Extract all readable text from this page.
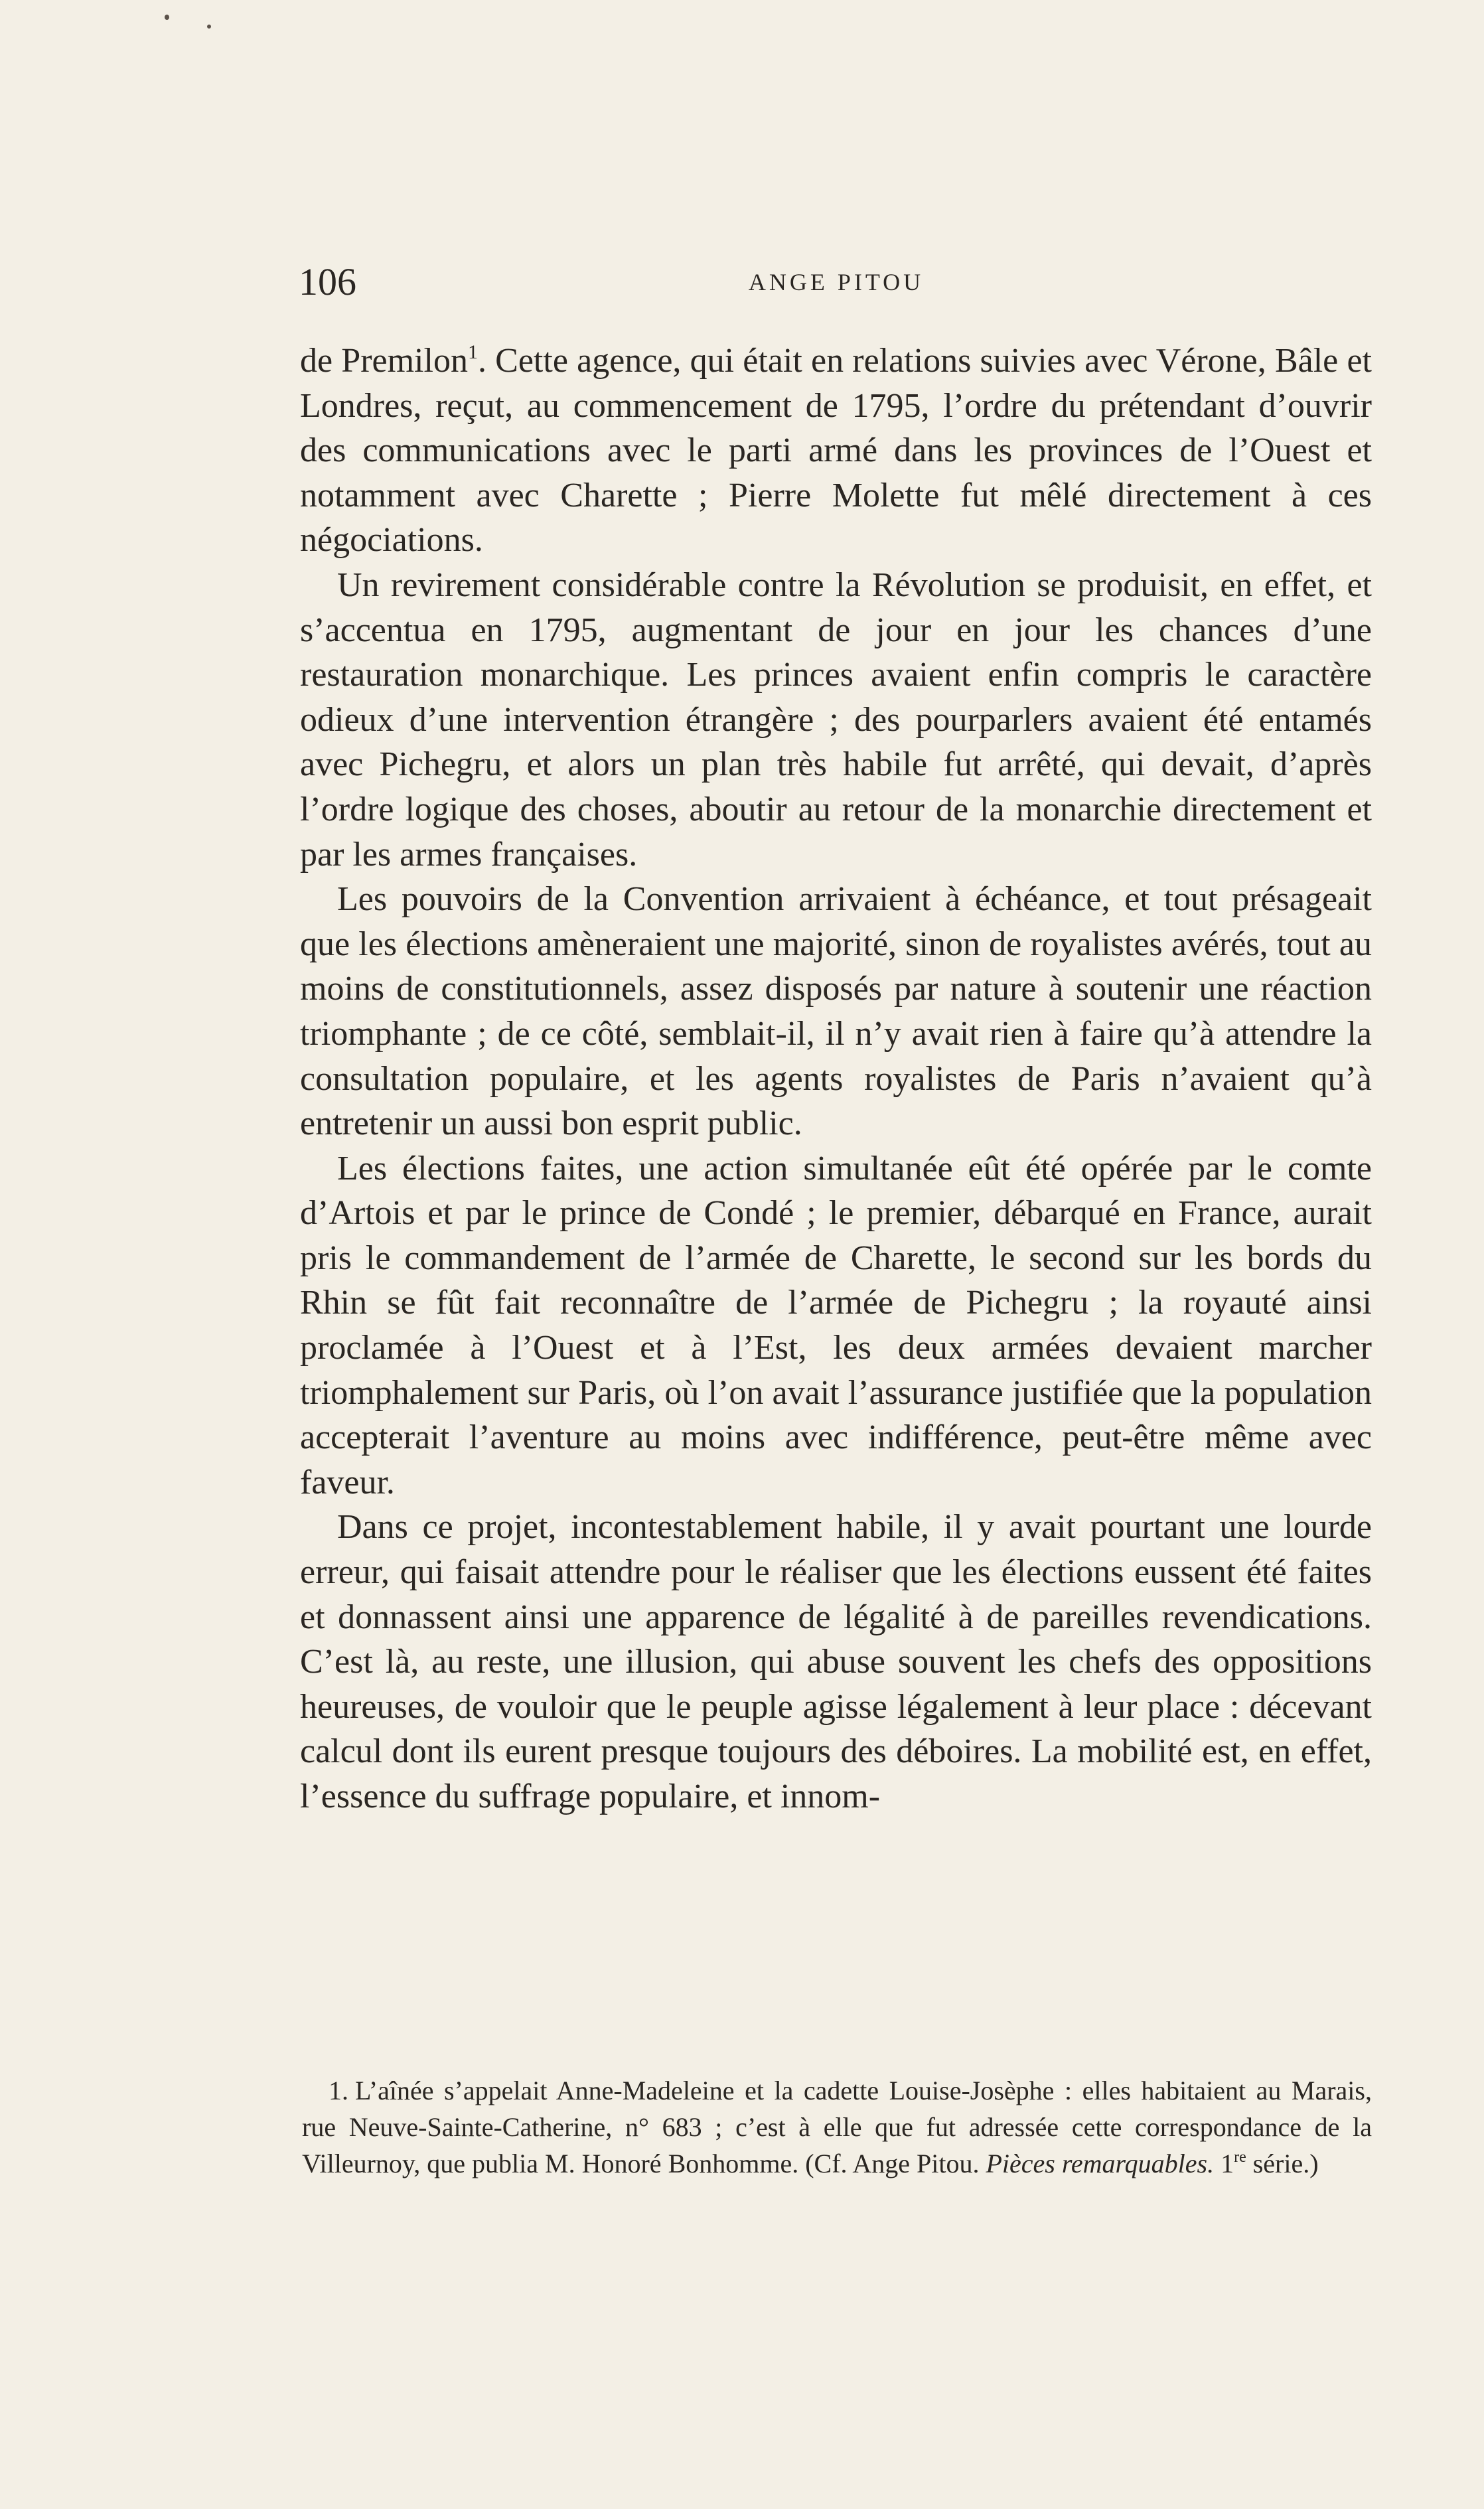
106	ANGE PITOU

de Premilon$^1$. Cette agence, qui était en relations suivies avec Vérone, Bâle et Londres, reçut, au commencement de 1795, l’ordre du prétendant d’ouvrir des communications avec le parti armé dans les provinces de l’Ouest et notamment avec Charette ; Pierre Molette fut mêlé directement à ces négociations.

Un revirement considérable contre la Révolution se produisit, en effet, et s’accentua en 1795, augmentant de jour en jour les chances d’une restauration monarchique. Les princes avaient enfin compris le caractère odieux d’une intervention étrangère ; des pourparlers avaient été entamés avec Pichegru, et alors un plan très habile fut arrêté, qui devait, d’après l’ordre logique des choses, aboutir au retour de la monarchie directement et par les armes françaises.

Les pouvoirs de la Convention arrivaient à échéance, et tout présageait que les élections amèneraient une majorité, sinon de royalistes avérés, tout au moins de constitutionnels, assez disposés par nature à soutenir une réaction triomphante ; de ce côté, semblait-il, il n’y avait rien à faire qu’à attendre la consultation populaire, et les agents royalistes de Paris n’avaient qu’à entretenir un aussi bon esprit public.

Les élections faites, une action simultanée eût été opérée par le comte d’Artois et par le prince de Condé ; le premier, débarqué en France, aurait pris le commandement de l’armée de Charette, le second sur les bords du Rhin se fût fait reconnaître de l’armée de Pichegru ; la royauté ainsi proclamée à l’Ouest et à l’Est, les deux armées devaient marcher triomphalement sur Paris, où l’on avait l’assurance justifiée que la population accepterait l’aventure au moins avec indifférence, peut-être même avec faveur.

Dans ce projet, incontestablement habile, il y avait pourtant une lourde erreur, qui faisait attendre pour le réaliser que les élections eussent été faites et donnassent ainsi une apparence de légalité à de pareilles revendications. C’est là, au reste, une illusion, qui abuse souvent les chefs des oppositions heureuses, de vouloir que le peuple agisse légalement à leur place : décevant calcul dont ils eurent presque toujours des déboires. La mobilité est, en effet, l’essence du suffrage populaire, et innom-

1. L’aînée s’appelait Anne-Madeleine et la cadette Louise-Josèphe : elles habitaient au Marais, rue Neuve-Sainte-Catherine, n° 683 ; c’est à elle que fut adressée cette correspondance de la Villeurnoy, que publia M. Honoré Bonhomme. (Cf. Ange Pitou. Pièces remarquables. 1re série.)
